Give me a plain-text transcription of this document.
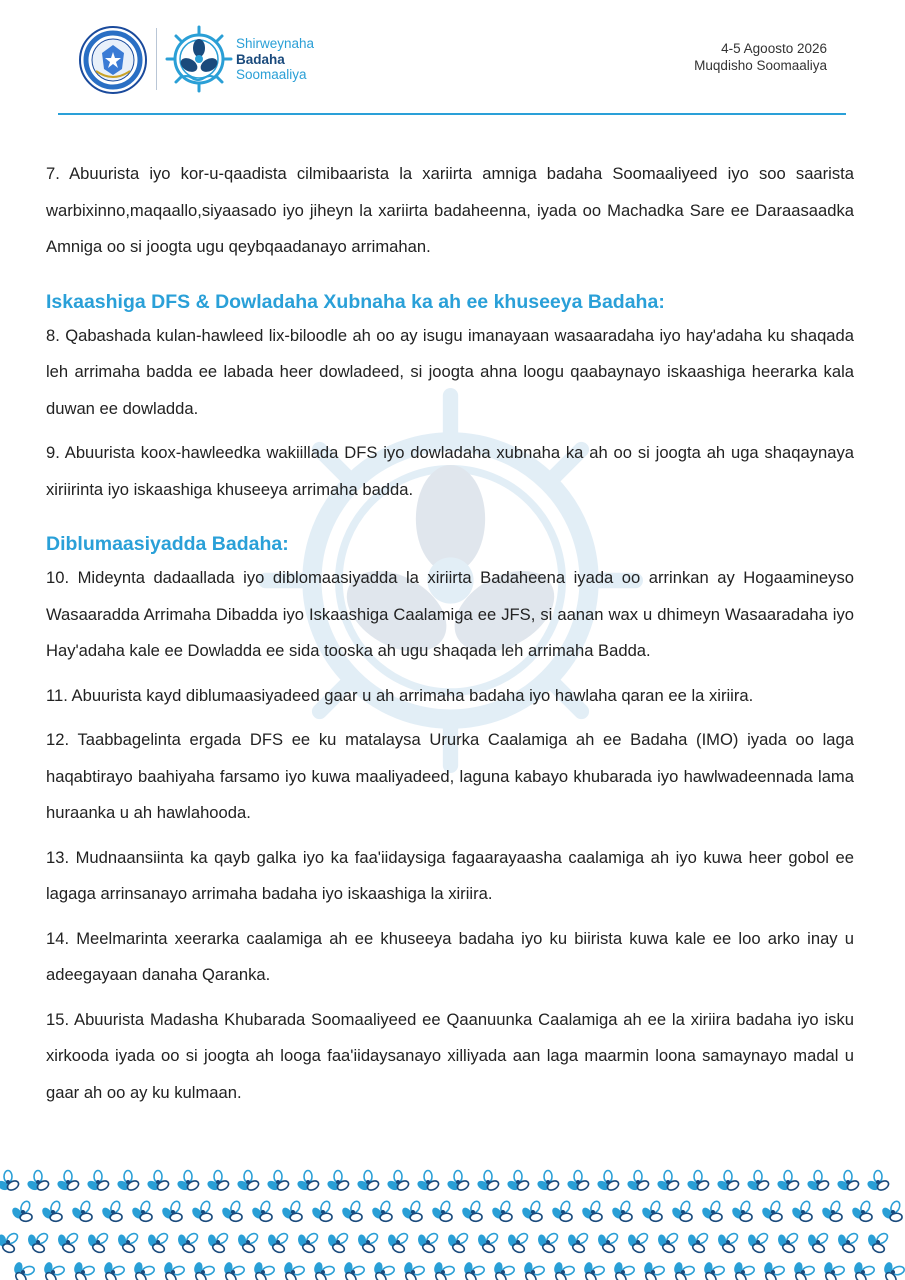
Shirweynaha
Badaha
Soomaaliya
4-5 Agoosto 2026
Muqdisho Soomaaliya

7. Abuurista iyo kor-u-qaadista cilmibaarista la xariirta amniga badaha Soomaaliyeed iyo soo saarista warbixinno,maqaallo,siyaasado iyo jiheyn la xariirta badaheenna, iyada oo Machadka Sare ee Daraasaadka Amniga oo si joogta ugu qeybqaadanayo arrimahan.

Iskaashiga DFS & Dowladaha Xubnaha ka ah ee khuseeya Badaha:

8. Qabashada kulan-hawleed lix-biloodle ah oo ay isugu imanayaan wasaaradaha iyo hay'adaha ku shaqada leh arrimaha badda ee labada heer dowladeed, si joogta ahna loogu qaabaynayo iskaashiga heerarka kala duwan ee dowladda.

9. Abuurista koox-hawleedka wakiillada DFS iyo dowladaha xubnaha ka ah oo si joogta ah uga shaqaynaya xiriirinta iyo iskaashiga khuseeya arrimaha badda.

Diblumaasiyadda Badaha:

10. Mideynta dadaallada iyo diblomaasiyadda la xiriirta Badaheena iyada oo arrinkan ay Hogaamineyso Wasaaradda Arrimaha Dibadda iyo Iskaashiga Caalamiga ee JFS, si aanan wax u dhimeyn Wasaaradaha iyo Hay'adaha kale ee Dowladda ee sida tooska ah ugu shaqada leh arrimaha Badda.

11. Abuurista kayd diblumaasiyadeed gaar u ah arrimaha badaha iyo hawlaha qaran ee la xiriira.

12. Taabbagelinta ergada DFS ee ku matalaysa Ururka Caalamiga ah ee Badaha (IMO) iyada oo laga haqabtirayo baahiyaha farsamo iyo kuwa maaliyadeed, laguna kabayo khubarada iyo hawlwadeennada lama huraanka u ah hawlahooda.

13. Mudnaansiinta ka qayb galka iyo ka faa'iidaysiga fagaarayaasha caalamiga ah iyo kuwa heer gobol ee lagaga arrinsanayo arrimaha badaha iyo iskaashiga la xiriira.

14. Meelmarinta xeerarka caalamiga ah ee khuseeya badaha iyo ku biirista kuwa kale ee loo arko inay u adeegayaan danaha Qaranka.

15. Abuurista Madasha Khubarada Soomaaliyeed ee Qaanuunka Caalamiga ah ee la xiriira badaha iyo isku xirkooda iyada oo si joogta ah looga faa'iidaysanayo xilliyada aan laga maarmin loona samaynayo madal u gaar ah oo ay ku kulmaan.
